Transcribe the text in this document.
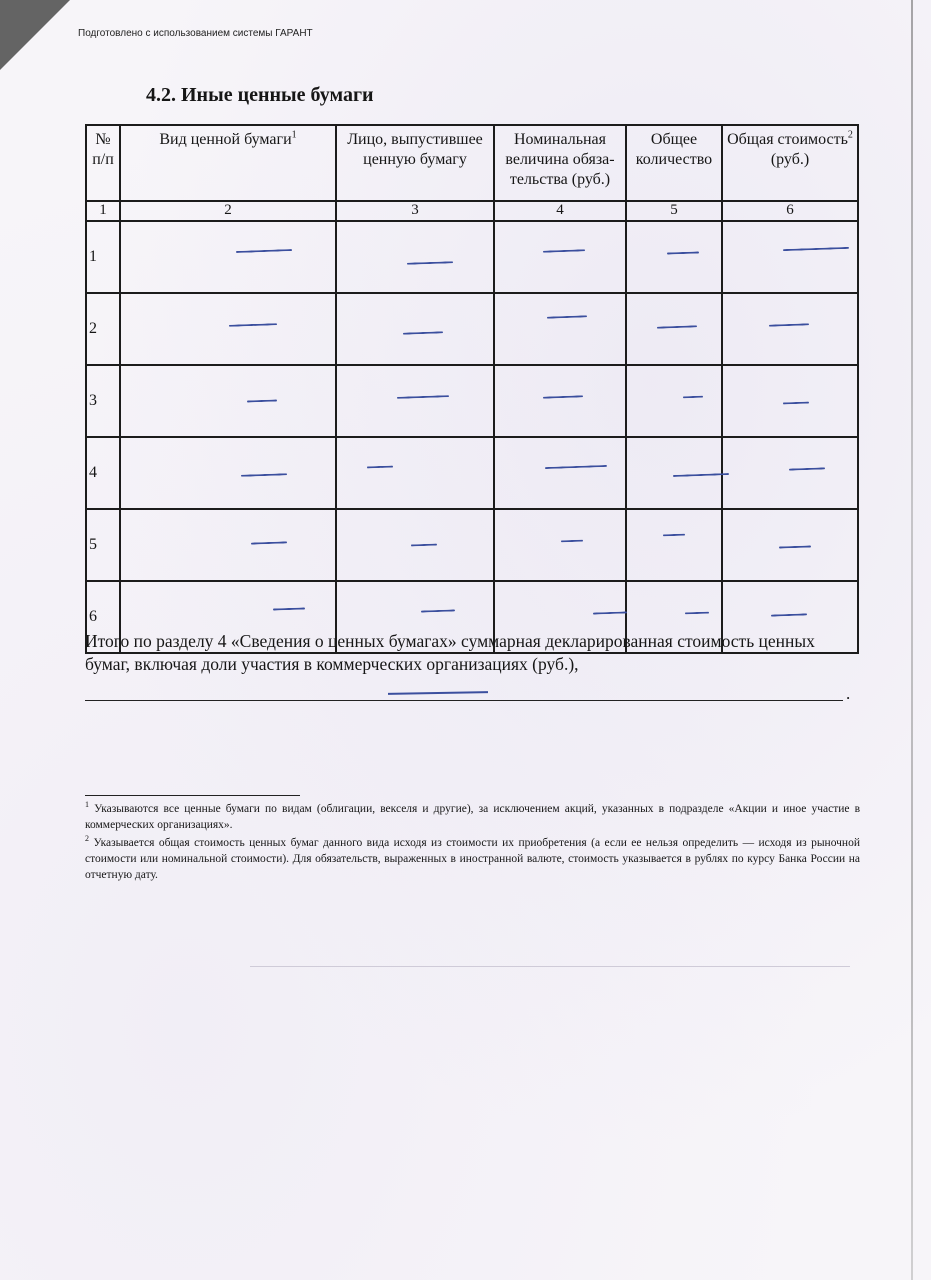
Подготовлено с использованием системы ГАРАНТ
4.2. Иные ценные бумаги
№ п/п	Вид ценной бумаги$^1$	Лицо, выпустившее ценную бумагу	Номинальная величина обяза-тельства (руб.)	Общее количество	Общая стоимость$^2$
(руб.)
1	2	3	4	5	6
1	

2	

3	

4	

5	

6	

Итого по разделу 4 «Сведения о ценных бумагах» суммарная декларированная стоимость ценных бумаг, включая доли участия в коммерческих организациях (руб.),
.

$^1$ Указываются все ценные бумаги по видам (облигации, векселя и другие), за исключением акций, указанных в подразделе «Акции и иное участие в коммерческих организациях».

$^2$ Указывается общая стоимость ценных бумаг данного вида исходя из стоимости их приобретения (а если ее нельзя определить — исходя из рыночной стоимости или номинальной стоимости). Для обязательств, выраженных в иностранной валюте, стоимость указывается в рублях по курсу Банка России на отчетную дату.
